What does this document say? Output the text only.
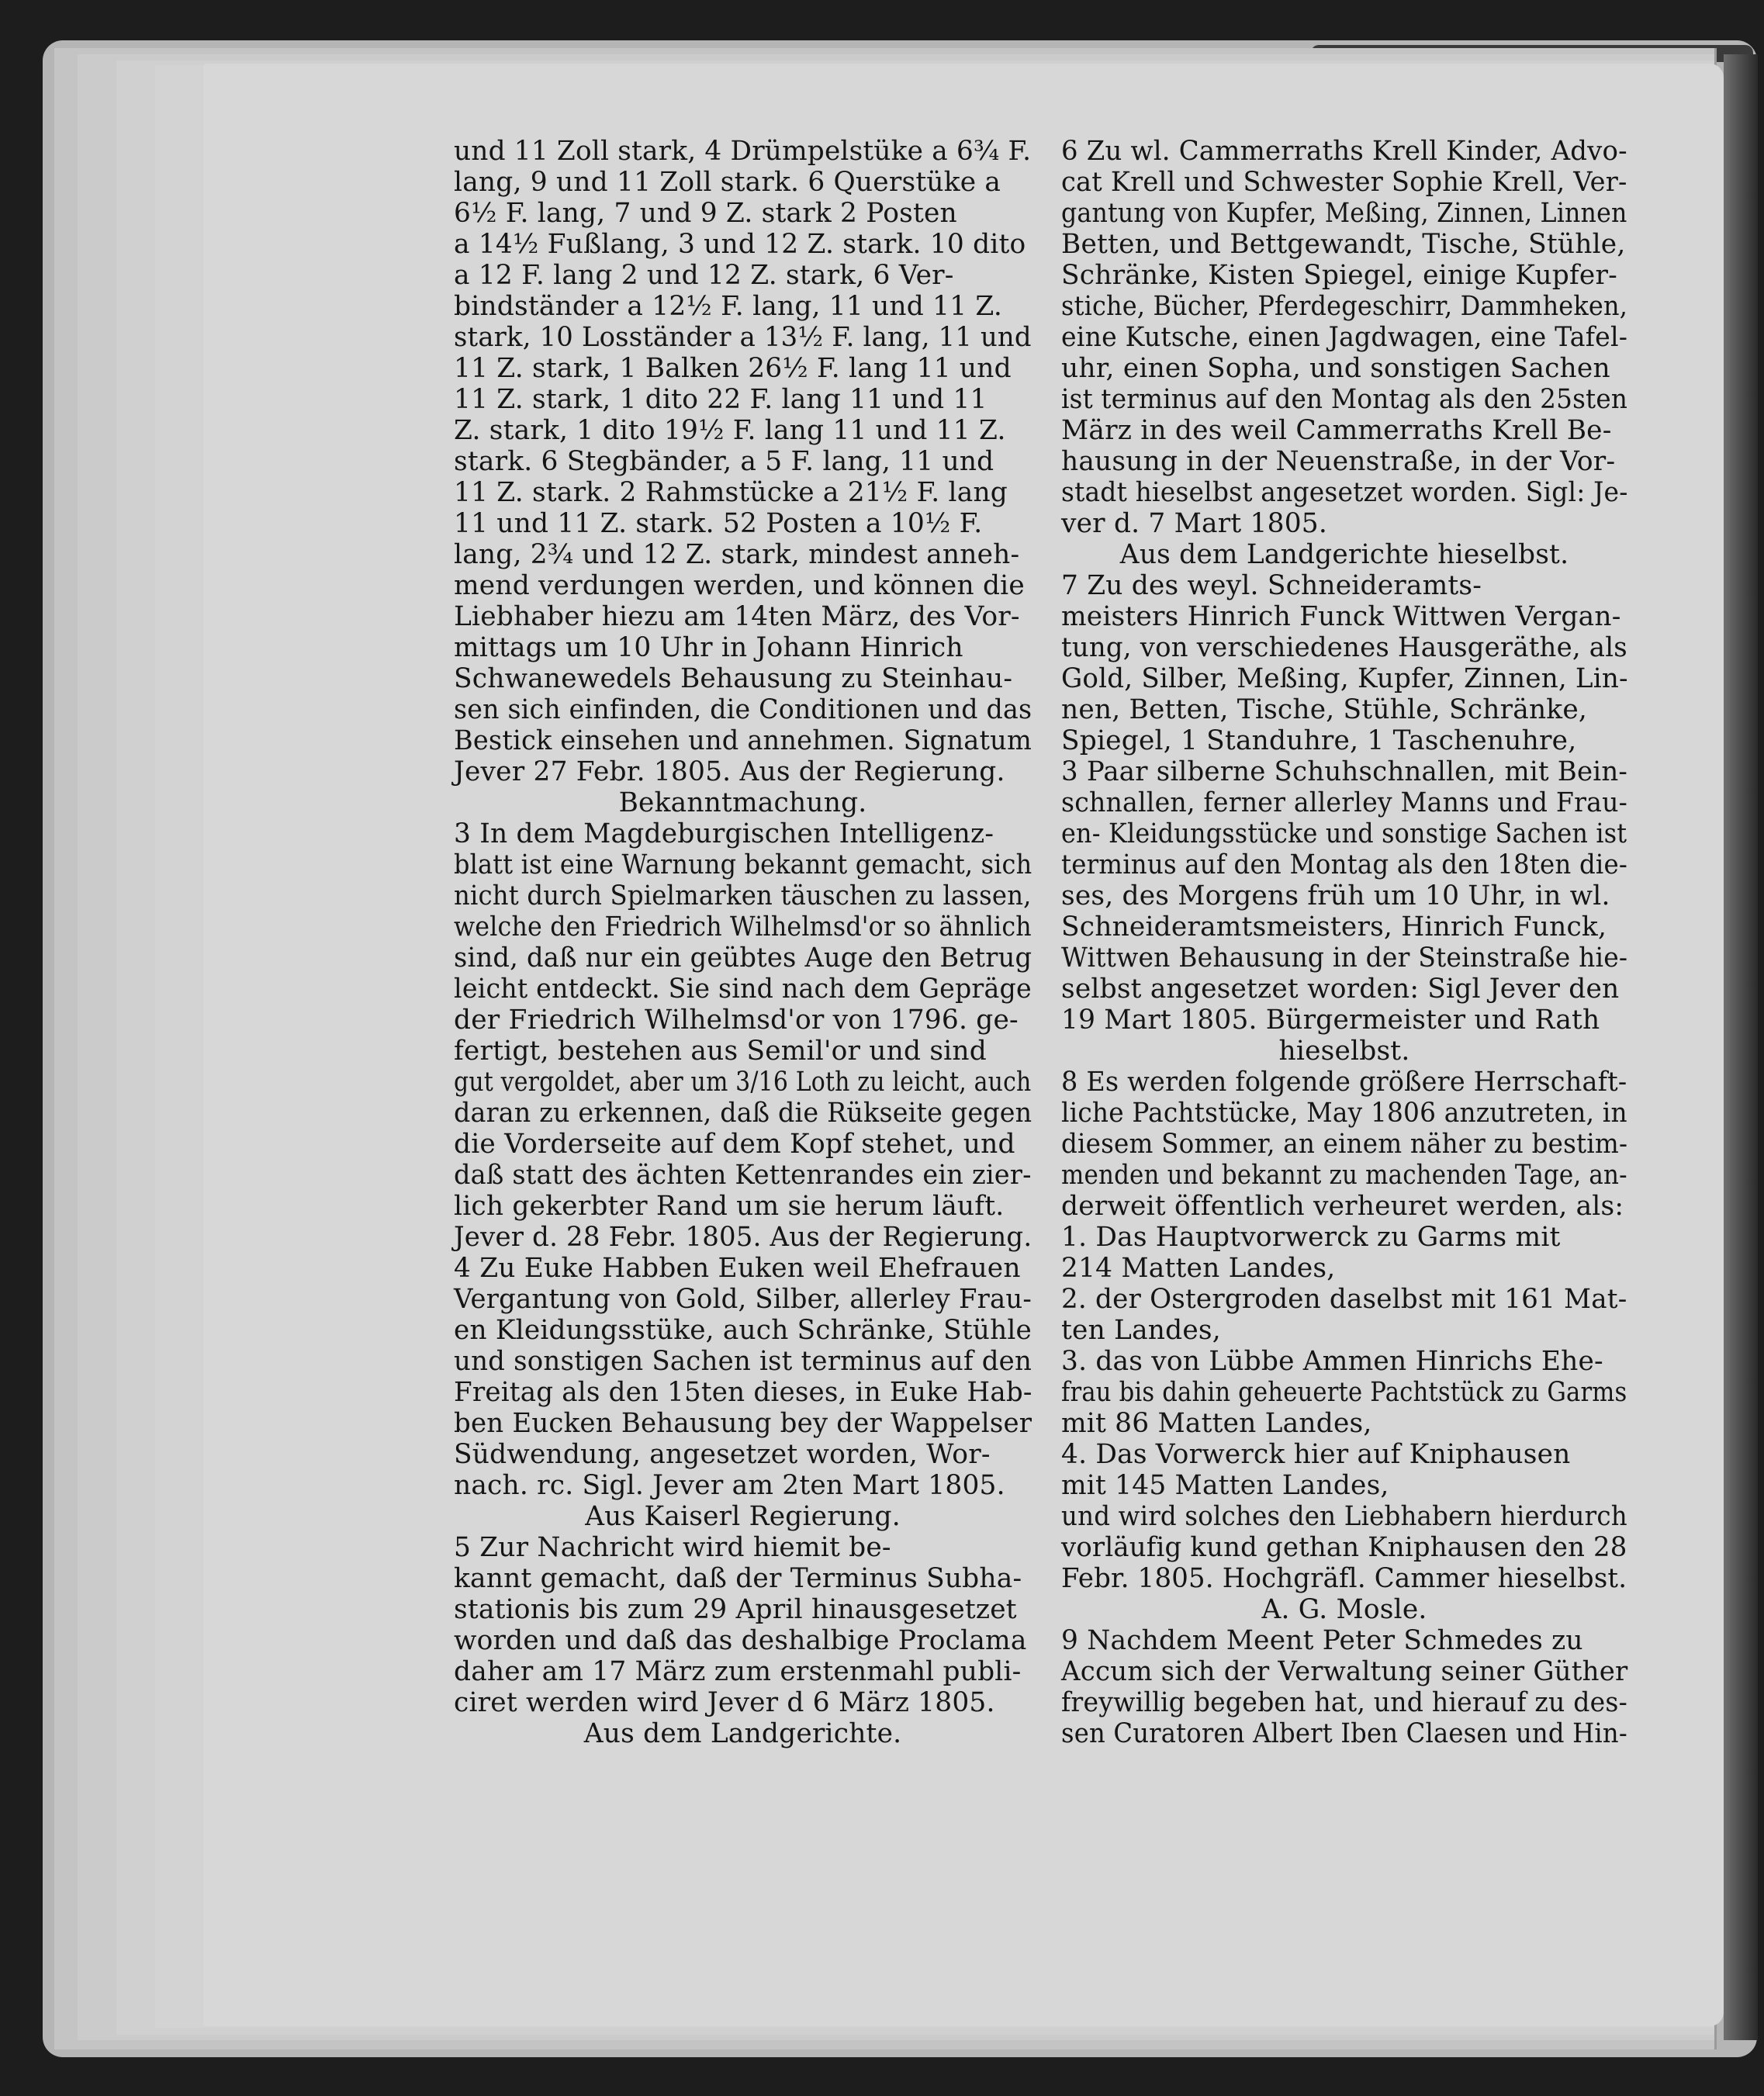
und 11 Zoll stark, 4 Drümpelstüke a 6¾ F.
lang, 9 und 11 Zoll stark. 6 Querstüke a
6½ F. lang, 7 und 9 Z. stark 2 Posten
a 14½ Fußlang, 3 und 12 Z. stark. 10 dito
a 12 F. lang 2 und 12 Z. stark, 6 Ver-
bindständer a 12½ F. lang, 11 und 11 Z.
stark, 10 Losständer a 13½ F. lang, 11 und
11 Z. stark, 1 Balken 26½ F. lang 11 und
11 Z. stark, 1 dito 22 F. lang 11 und 11
Z. stark, 1 dito 19½ F. lang 11 und 11 Z.
stark. 6 Stegbänder, a 5 F. lang, 11 und
11 Z. stark. 2 Rahmstücke a 21½ F. lang
11 und 11 Z. stark. 52 Posten a 10½ F.
lang, 2¾ und 12 Z. stark, mindest anneh-
mend verdungen werden, und können die
Liebhaber hiezu am 14ten März, des Vor-
mittags um 10 Uhr in Johann Hinrich
Schwanewedels Behausung zu Steinhau-
sen sich einfinden, die Conditionen und das
Bestick einsehen und annehmen. Signatum
Jever 27 Febr. 1805. Aus der Regierung.
Bekanntmachung.
3 In dem Magdeburgischen Intelligenz-
blatt ist eine Warnung bekannt gemacht, sich
nicht durch Spielmarken täuschen zu lassen,
welche den Friedrich Wilhelmsd'or so ähnlich
sind, daß nur ein geübtes Auge den Betrug
leicht entdeckt. Sie sind nach dem Gepräge
der Friedrich Wilhelmsd'or von 1796. ge-
fertigt, bestehen aus Semil'or und sind
gut vergoldet, aber um 3/16 Loth zu leicht, auch
daran zu erkennen, daß die Rükseite gegen
die Vorderseite auf dem Kopf stehet, und
daß statt des ächten Kettenrandes ein zier-
lich gekerbter Rand um sie herum läuft.
Jever d. 28 Febr. 1805. Aus der Regierung.
4 Zu Euke Habben Euken weil Ehefrauen
Vergantung von Gold, Silber, allerley Frau-
en Kleidungsstüke, auch Schränke, Stühle
und sonstigen Sachen ist terminus auf den
Freitag als den 15ten dieses, in Euke Hab-
ben Eucken Behausung bey der Wappelser
Südwendung, angesetzet worden, Wor-
nach. rc. Sigl. Jever am 2ten Mart 1805.
Aus Kaiserl Regierung.
5 Zur Nachricht wird hiemit be-
kannt gemacht, daß der Terminus Subha-
stationis bis zum 29 April hinausgesetzet
worden und daß das deshalbige Proclama
daher am 17 März zum erstenmahl publi-
ciret werden wird Jever d 6 März 1805.
Aus dem Landgerichte.
6 Zu wl. Cammerraths Krell Kinder, Advo-
cat Krell und Schwester Sophie Krell, Ver-
gantung von Kupfer, Meßing, Zinnen, Linnen
Betten, und Bettgewandt, Tische, Stühle,
Schränke, Kisten Spiegel, einige Kupfer-
stiche, Bücher, Pferdegeschirr, Dammheken,
eine Kutsche, einen Jagdwagen, eine Tafel-
uhr, einen Sopha, und sonstigen Sachen
ist terminus auf den Montag als den 25sten
März in des weil Cammerraths Krell Be-
hausung in der Neuenstraße, in der Vor-
stadt hieselbst angesetzet worden. Sigl: Je-
ver d. 7 Mart 1805.
Aus dem Landgerichte hieselbst.
7 Zu des weyl. Schneideramts-
meisters Hinrich Funck Wittwen Vergan-
tung, von verschiedenes Hausgeräthe, als
Gold, Silber, Meßing, Kupfer, Zinnen, Lin-
nen, Betten, Tische, Stühle, Schränke,
Spiegel, 1 Standuhre, 1 Taschenuhre,
3 Paar silberne Schuhschnallen, mit Bein-
schnallen, ferner allerley Manns und Frau-
en- Kleidungsstücke und sonstige Sachen ist
terminus auf den Montag als den 18ten die-
ses, des Morgens früh um 10 Uhr, in wl.
Schneideramtsmeisters, Hinrich Funck,
Wittwen Behausung in der Steinstraße hie-
selbst angesetzet worden: Sigl Jever den
19 Mart 1805. Bürgermeister und Rath
hieselbst.
8 Es werden folgende größere Herrschaft-
liche Pachtstücke, May 1806 anzutreten, in
diesem Sommer, an einem näher zu bestim-
menden und bekannt zu machenden Tage, an-
derweit öffentlich verheuret werden, als:
1. Das Hauptvorwerck zu Garms mit
214 Matten Landes,
2. der Ostergroden daselbst mit 161 Mat-
ten Landes,
3. das von Lübbe Ammen Hinrichs Ehe-
frau bis dahin geheuerte Pachtstück zu Garms
mit 86 Matten Landes,
4. Das Vorwerck hier auf Kniphausen
mit 145 Matten Landes,
und wird solches den Liebhabern hierdurch
vorläufig kund gethan Kniphausen den 28
Febr. 1805. Hochgräfl. Cammer hieselbst.
A. G. Mosle.
9 Nachdem Meent Peter Schmedes zu
Accum sich der Verwaltung seiner Güther
freywillig begeben hat, und hierauf zu des-
sen Curatoren Albert Iben Claesen und Hin-
